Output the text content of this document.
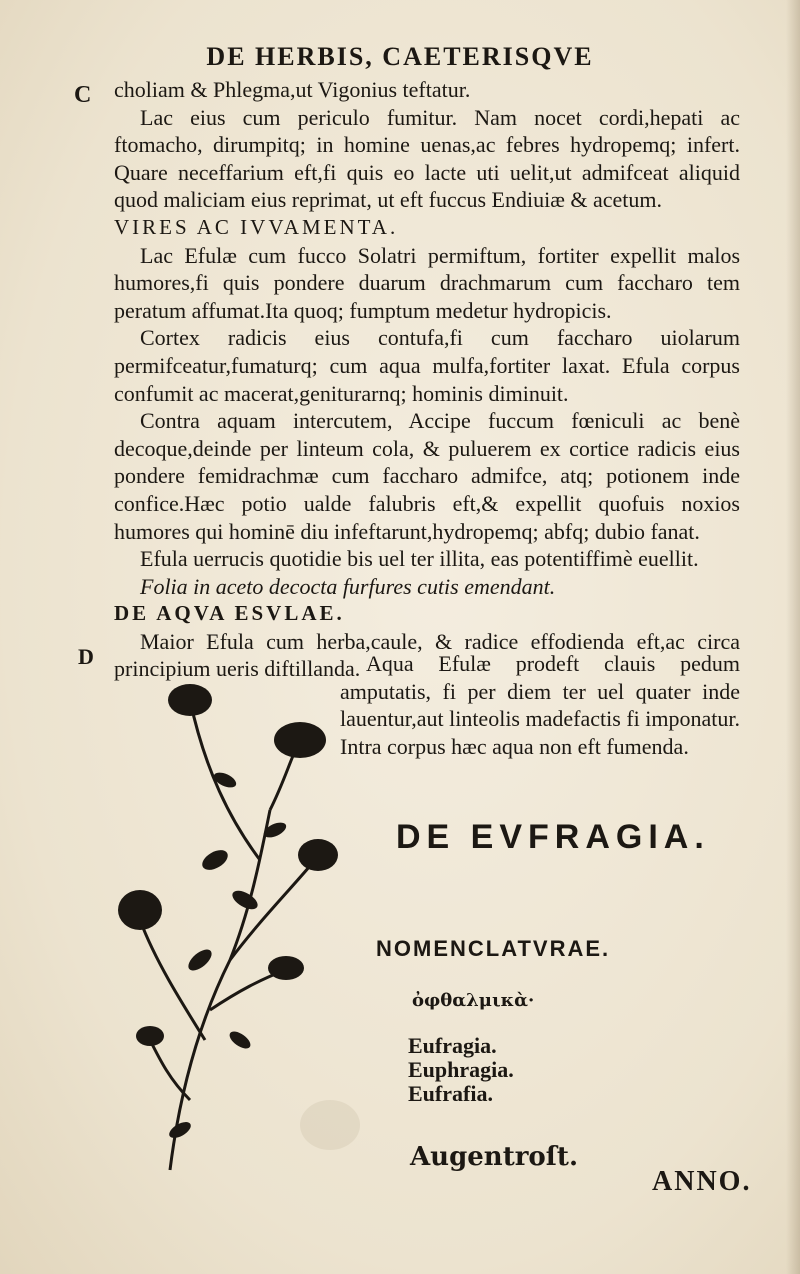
DE HERBIS, CAETERISQVE
C
D

choliam & Phlegma,ut Vigonius teftatur.

Lac eius cum periculo fumitur. Nam nocet cordi,hepati ac ftomacho, dirumpitq; in homine uenas,ac febres hydropemq; infert. Quare neceffarium eft,fi quis eo lacte uti uelit,ut admifceat aliquid quod maliciam eius reprimat, ut eft fuccus Endiuiæ & acetum.

VIRES AC IVVAMENTA.

Lac Efulæ cum fucco Solatri permiftum, fortiter expellit malos humores,fi quis pondere duarum drachmarum cum faccharo tem peratum affumat.Ita quoq; fumptum medetur hydropicis.

Cortex radicis eius contufa,fi cum faccharo uiolarum permifceatur,fumaturq; cum aqua mulfa,fortiter laxat. Efula corpus confumit ac macerat,geniturarnq; hominis diminuit.

Contra aquam intercutem, Accipe fuccum fœniculi ac benè decoque,deinde per linteum cola, & puluerem ex cortice radicis eius pondere femidrachmæ cum faccharo admifce, atq; potionem inde confice.Hæc potio ualde falubris eft,& expellit quofuis noxios humores qui hominē diu infeftarunt,hydropemq; abfq; dubio fanat.

Efula uerrucis quotidie bis uel ter illita, eas potentiffimè euellit.

Folia in aceto decocta furfures cutis emendant.

DE AQVA ESVLAE.

Maior Efula cum herba,caule, & radice effodienda eft,ac circa principium ueris diftillanda. Aqua Efulæ prodeft clauis pedum amputatis, fi per diem ter uel quater inde lauentur,aut linteolis madefactis fi imponatur. Intra corpus hæc aqua non eft fumenda.

DE EVFRAGIA.
NOMENCLATVRAE.
ὀφθαλμικὰ·
Eufragia.
Euphragia.
Eufrafia.
Augentroſt.
ANNO.
